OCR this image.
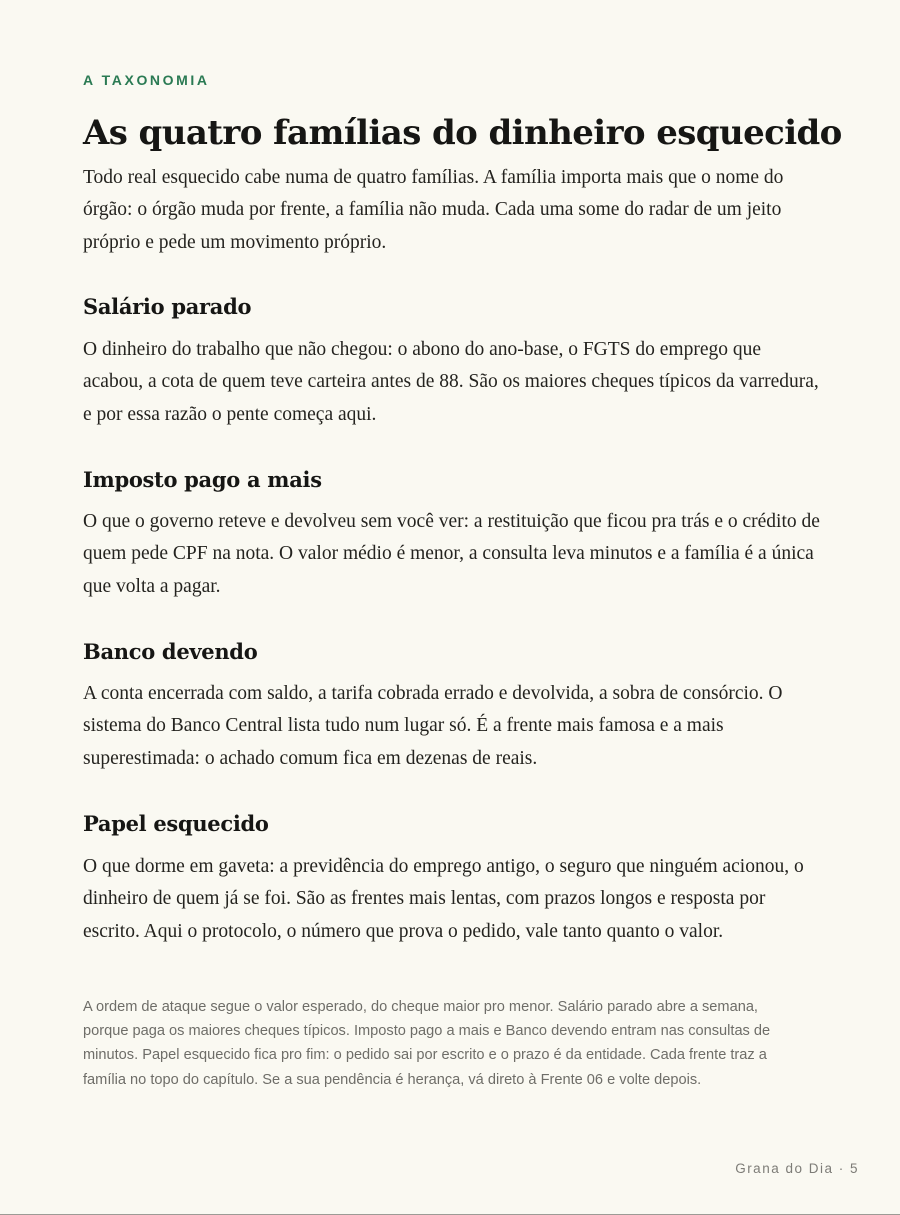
A TAXONOMIA
As quatro famílias do dinheiro esquecido

Todo real esquecido cabe numa de quatro famílias. A família importa mais que o nome do órgão: o órgão muda por frente, a família não muda. Cada uma some do radar de um jeito próprio e pede um movimento próprio.

Salário parado

O dinheiro do trabalho que não chegou: o abono do ano-base, o FGTS do emprego que acabou, a cota de quem teve carteira antes de 88. São os maiores cheques típicos da varredura, e por essa razão o pente começa aqui.

Imposto pago a mais

O que o governo reteve e devolveu sem você ver: a restituição que ficou pra trás e o crédito de quem pede CPF na nota. O valor médio é menor, a consulta leva minutos e a família é a única que volta a pagar.

Banco devendo

A conta encerrada com saldo, a tarifa cobrada errado e devolvida, a sobra de consórcio. O sistema do Banco Central lista tudo num lugar só. É a frente mais famosa e a mais superestimada: o achado comum fica em dezenas de reais.

Papel esquecido

O que dorme em gaveta: a previdência do emprego antigo, o seguro que ninguém acionou, o dinheiro de quem já se foi. São as frentes mais lentas, com prazos longos e resposta por escrito. Aqui o protocolo, o número que prova o pedido, vale tanto quanto o valor.

A ordem de ataque segue o valor esperado, do cheque maior pro menor. Salário parado abre a semana, porque paga os maiores cheques típicos. Imposto pago a mais e Banco devendo entram nas consultas de minutos. Papel esquecido fica pro fim: o pedido sai por escrito e o prazo é da entidade. Cada frente traz a família no topo do capítulo. Se a sua pendência é herança, vá direto à Frente 06 e volte depois.

Grana do Dia · 5
